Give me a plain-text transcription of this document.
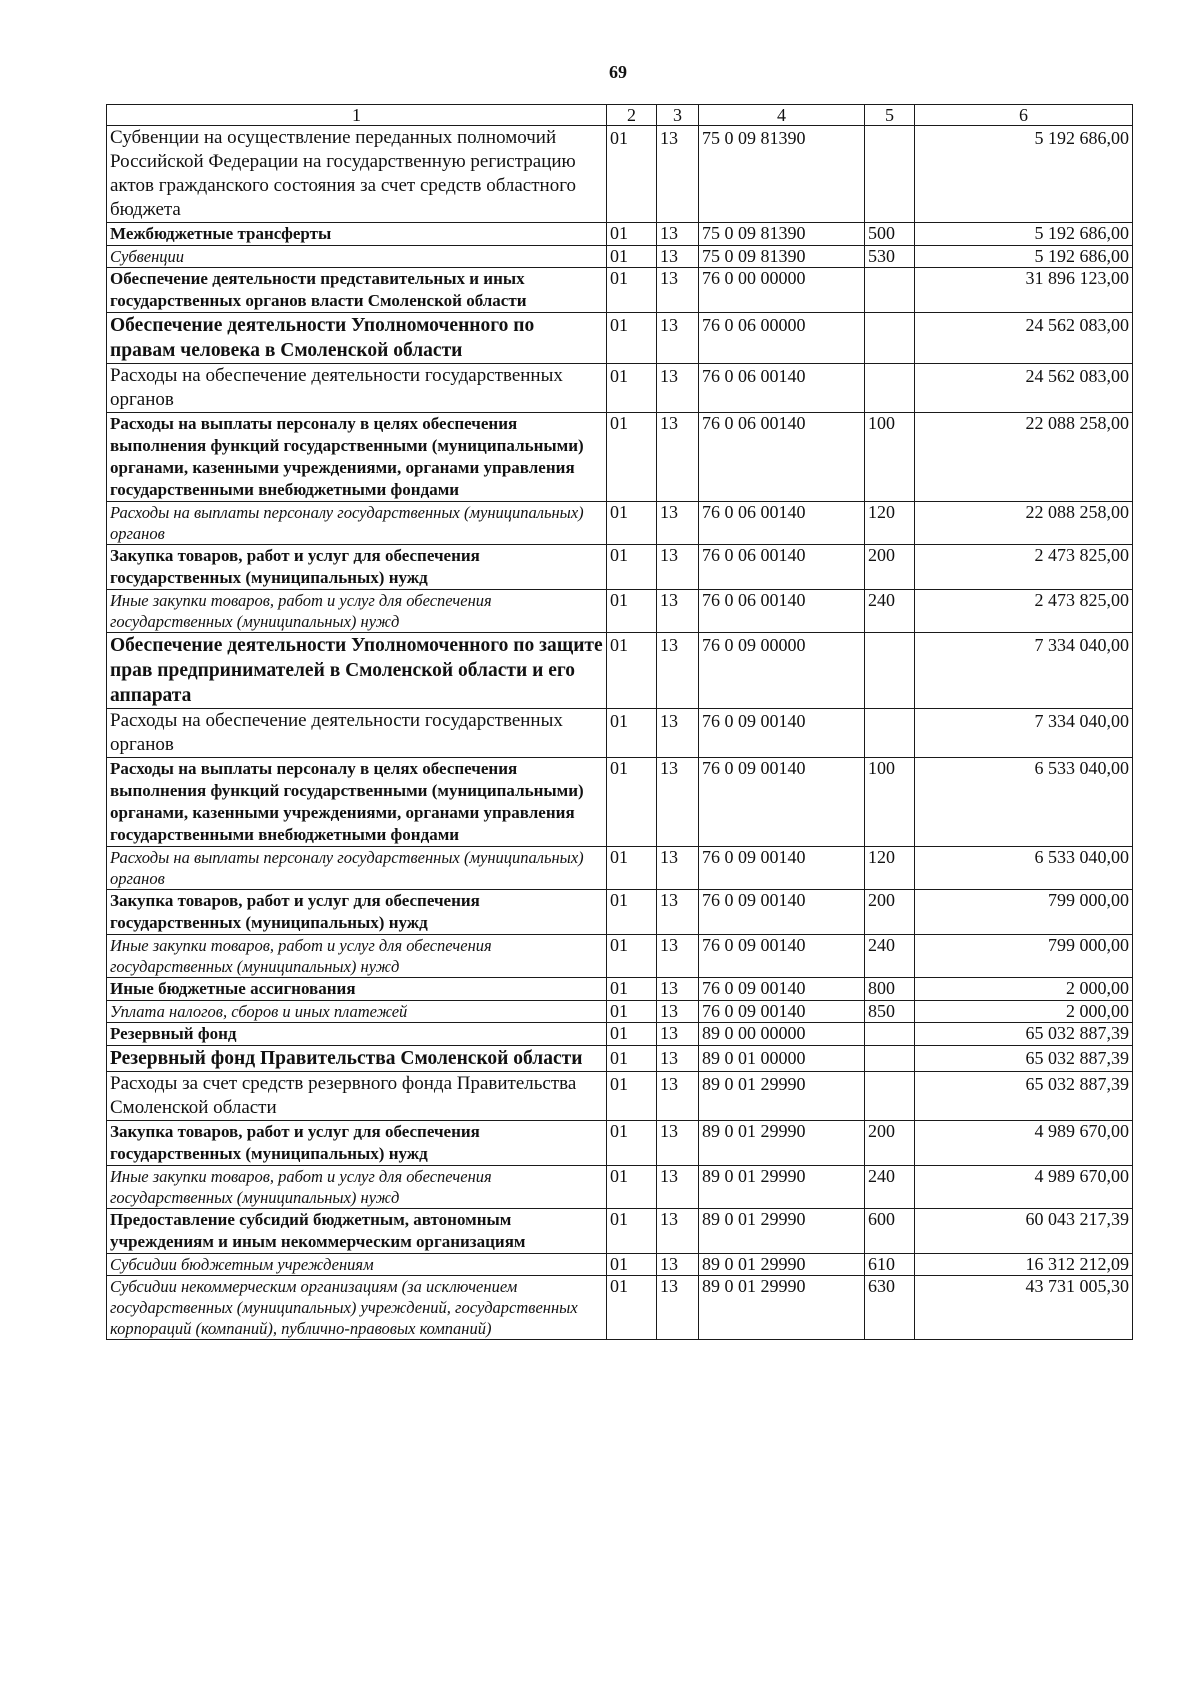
69
1	2	3	4	5	6
Субвенции на осуществление переданных полномочий Российской Федерации на государственную регистрацию актов гражданского состояния за счет средств областного бюджета	01	13	75 0 09 81390		5 192 686,00
Межбюджетные трансферты	01	13	75 0 09 81390	500	5 192 686,00
Субвенции	01	13	75 0 09 81390	530	5 192 686,00
Обеспечение деятельности представительных и иных государственных органов власти Смоленской области	01	13	76 0 00 00000		31 896 123,00
Обеспечение деятельности Уполномоченного по правам человека в Смоленской области	01	13	76 0 06 00000		24 562 083,00
Расходы на обеспечение деятельности государственных органов	01	13	76 0 06 00140		24 562 083,00
Расходы на выплаты персоналу в целях обеспечения выполнения функций государственными (муниципальными) органами, казенными учреждениями, органами управления государственными внебюджетными фондами	01	13	76 0 06 00140	100	22 088 258,00
Расходы на выплаты персоналу государственных (муниципальных) органов	01	13	76 0 06 00140	120	22 088 258,00
Закупка товаров, работ и услуг для обеспечения государственных (муниципальных) нужд	01	13	76 0 06 00140	200	2 473 825,00
Иные закупки товаров, работ и услуг для обеспечения государственных (муниципальных) нужд	01	13	76 0 06 00140	240	2 473 825,00
Обеспечение деятельности Уполномоченного по защите прав предпринимателей в Смоленской области и его аппарата	01	13	76 0 09 00000		7 334 040,00
Расходы на обеспечение деятельности государственных органов	01	13	76 0 09 00140		7 334 040,00
Расходы на выплаты персоналу в целях обеспечения выполнения функций государственными (муниципальными) органами, казенными учреждениями, органами управления государственными внебюджетными фондами	01	13	76 0 09 00140	100	6 533 040,00
Расходы на выплаты персоналу государственных (муниципальных) органов	01	13	76 0 09 00140	120	6 533 040,00
Закупка товаров, работ и услуг для обеспечения государственных (муниципальных) нужд	01	13	76 0 09 00140	200	799 000,00
Иные закупки товаров, работ и услуг для обеспечения государственных (муниципальных) нужд	01	13	76 0 09 00140	240	799 000,00
Иные бюджетные ассигнования	01	13	76 0 09 00140	800	2 000,00
Уплата налогов, сборов и иных платежей	01	13	76 0 09 00140	850	2 000,00
Резервный фонд	01	13	89 0 00 00000		65 032 887,39
Резервный фонд Правительства Смоленской области	01	13	89 0 01 00000		65 032 887,39
Расходы за счет средств резервного фонда Правительства Смоленской области	01	13	89 0 01 29990		65 032 887,39
Закупка товаров, работ и услуг для обеспечения государственных (муниципальных) нужд	01	13	89 0 01 29990	200	4 989 670,00
Иные закупки товаров, работ и услуг для обеспечения государственных (муниципальных) нужд	01	13	89 0 01 29990	240	4 989 670,00
Предоставление субсидий бюджетным, автономным учреждениям и иным некоммерческим организациям	01	13	89 0 01 29990	600	60 043 217,39
Субсидии бюджетным учреждениям	01	13	89 0 01 29990	610	16 312 212,09
Субсидии некоммерческим организациям (за исключением государственных (муниципальных) учреждений, государственных корпораций (компаний), публично-правовых компаний)	01	13	89 0 01 29990	630	43 731 005,30
